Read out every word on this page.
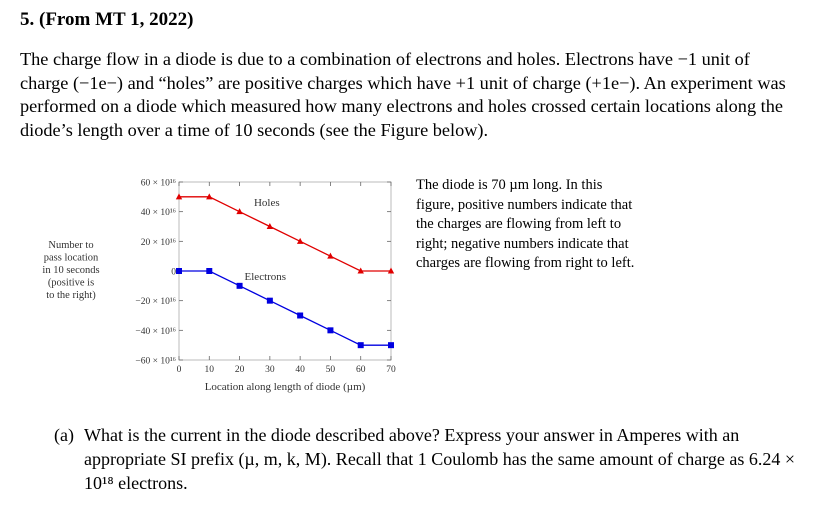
5. (From MT 1, 2022)
The charge flow in a diode is due to a combination of electrons and holes. Electrons have −1 unit of charge (−1e−) and “holes” are positive charges which have +1 unit of charge (+1e−). An experiment was performed on a diode which measured how many electrons and holes crossed certain locations along the diode’s length over a time of 10 seconds (see the Figure below).
60 × 10¹⁶
40 × 10¹⁶
20 × 10¹⁶
0
−20 × 10¹⁶
−40 × 10¹⁶
−60 × 10¹⁶
0 10 20 30 40 50 60 70
Location along length of diode (µm)
Number to
pass location
in 10 seconds
(positive is
to the right)
Holes
Electrons
The diode is 70 µm long. In this figure, positive numbers indicate that the charges are flowing from left to right; negative numbers indicate that charges are flowing from right to left.
(a) What is the current in the diode described above? Express your answer in Amperes with an appropriate SI prefix (µ, m, k, M). Recall that 1 Coulomb has the same amount of charge as 6.24 × 10¹⁸ electrons.
